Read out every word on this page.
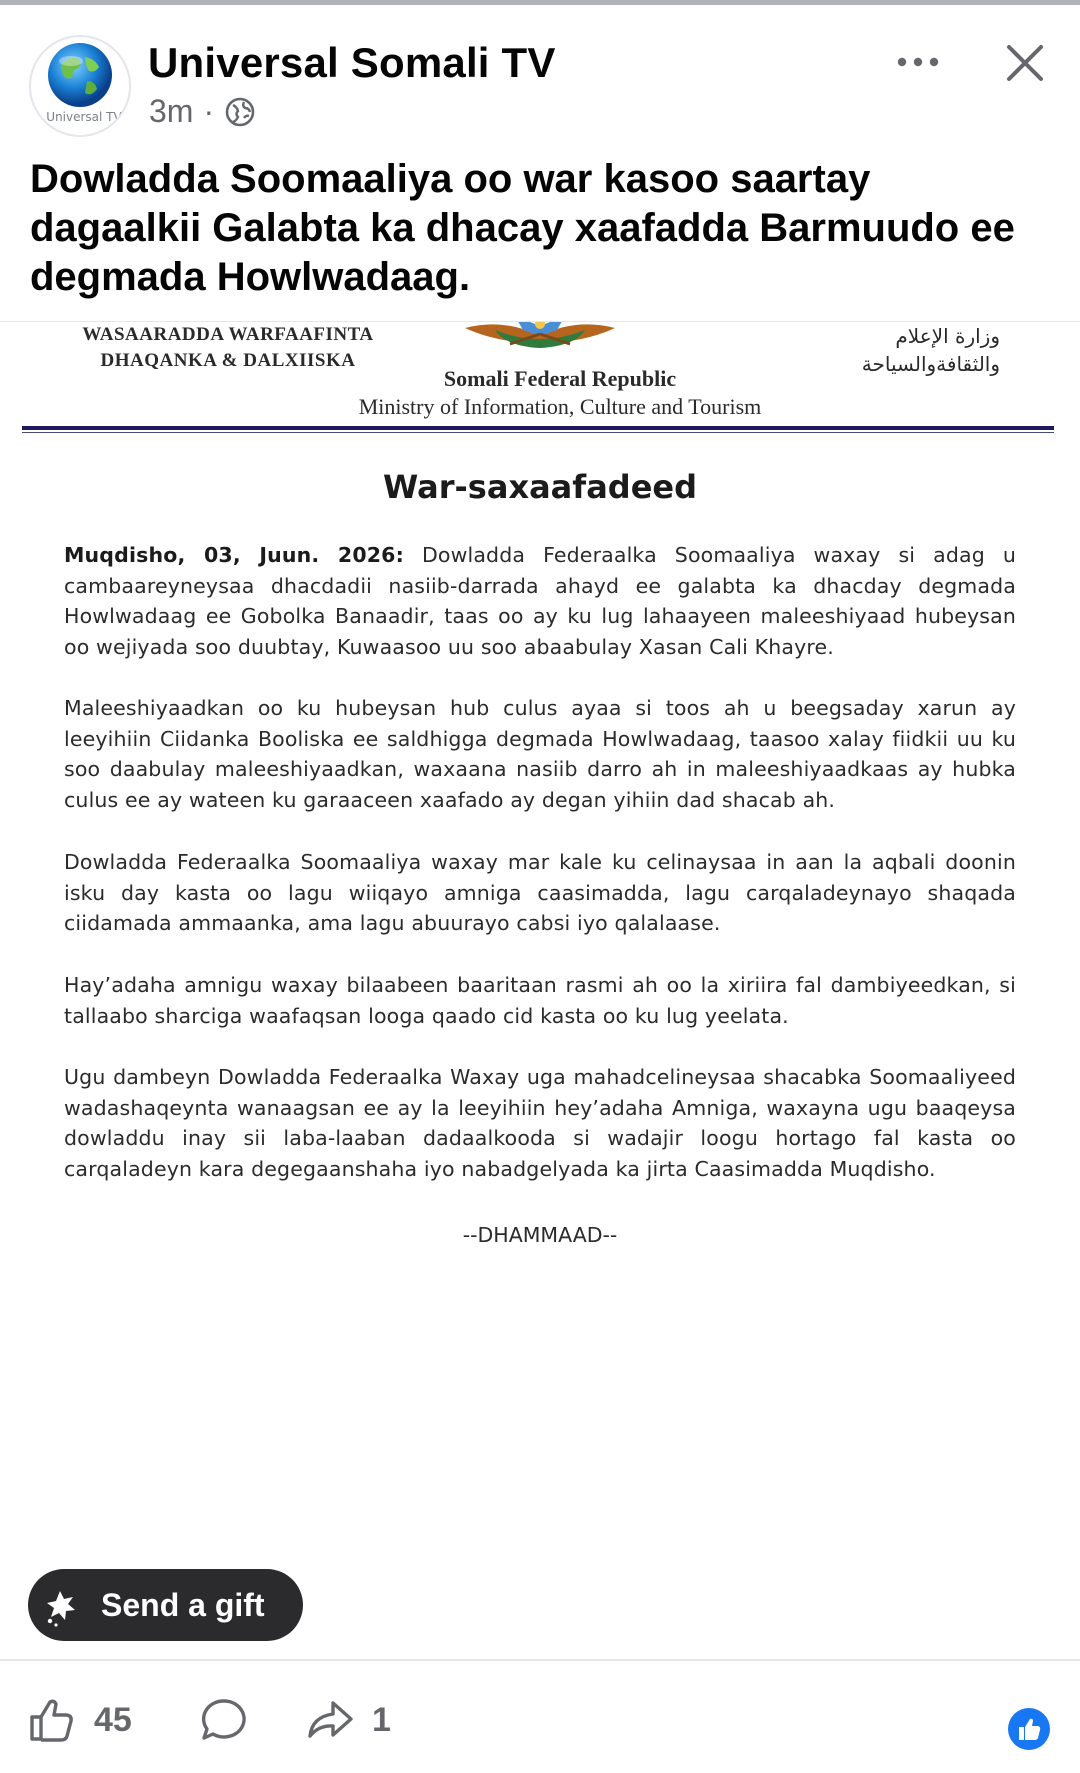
Universal TV
Universal Somali TV
3m ·
Dowladda Soomaaliya oo war kasoo saartay dagaalkii Galabta ka dhacay xaafadda Barmuudo ee degmada Howlwadaag.
WASAARADDA WARFAAFINTA
DHAQANKA & DALXIISKA
وزارة الإعلام
والثقافةوالسياحة
Somali Federal Republic
Ministry of Information, Culture and Tourism
War-saxaafadeed
Muqdisho, 03, Juun. 2026: Dowladda Federaalka Soomaaliya waxay si adag u cambaareyneysaa dhacdadii nasiib-darrada ahayd ee galabta ka dhacday degmada Howlwadaag ee Gobolka Banaadir, taas oo ay ku lug lahaayeen maleeshiyaad hubeysan oo wejiyada soo duubtay, Kuwaasoo uu soo abaabulay Xasan Cali Khayre.
Maleeshiyaadkan oo ku hubeysan hub culus ayaa si toos ah u beegsaday xarun ay leeyihiin Ciidanka Booliska ee saldhigga degmada Howlwadaag, taasoo xalay fiidkii uu ku soo daabulay maleeshiyaadkan, waxaana nasiib darro ah in maleeshiyaadkaas ay hubka culus ee ay wateen ku garaaceen xaafado ay degan yihiin dad shacab ah.
Dowladda Federaalka Soomaaliya waxay mar kale ku celinaysaa in aan la aqbali doonin isku day kasta oo lagu wiiqayo amniga caasimadda, lagu carqaladeynayo shaqada ciidamada ammaanka, ama lagu abuurayo cabsi iyo qalalaase.
Hay’adaha amnigu waxay bilaabeen baaritaan rasmi ah oo la xiriira fal dambiyeedkan, si tallaabo sharciga waafaqsan looga qaado cid kasta oo ku lug yeelata.
Ugu dambeyn Dowladda Federaalka Waxay uga mahadcelineysaa shacabka Soomaaliyeed wadashaqeynta wanaagsan ee ay la leeyihiin hey’adaha Amniga, waxayna ugu baaqeysa dowladdu inay sii laba-laaban dadaalkooda si wadajir loogu hortago fal kasta oo carqaladeyn kara degegaanshaha iyo nabadgelyada ka jirta Caasimadda Muqdisho.
--DHAMMAAD--
Send a gift
45	1
